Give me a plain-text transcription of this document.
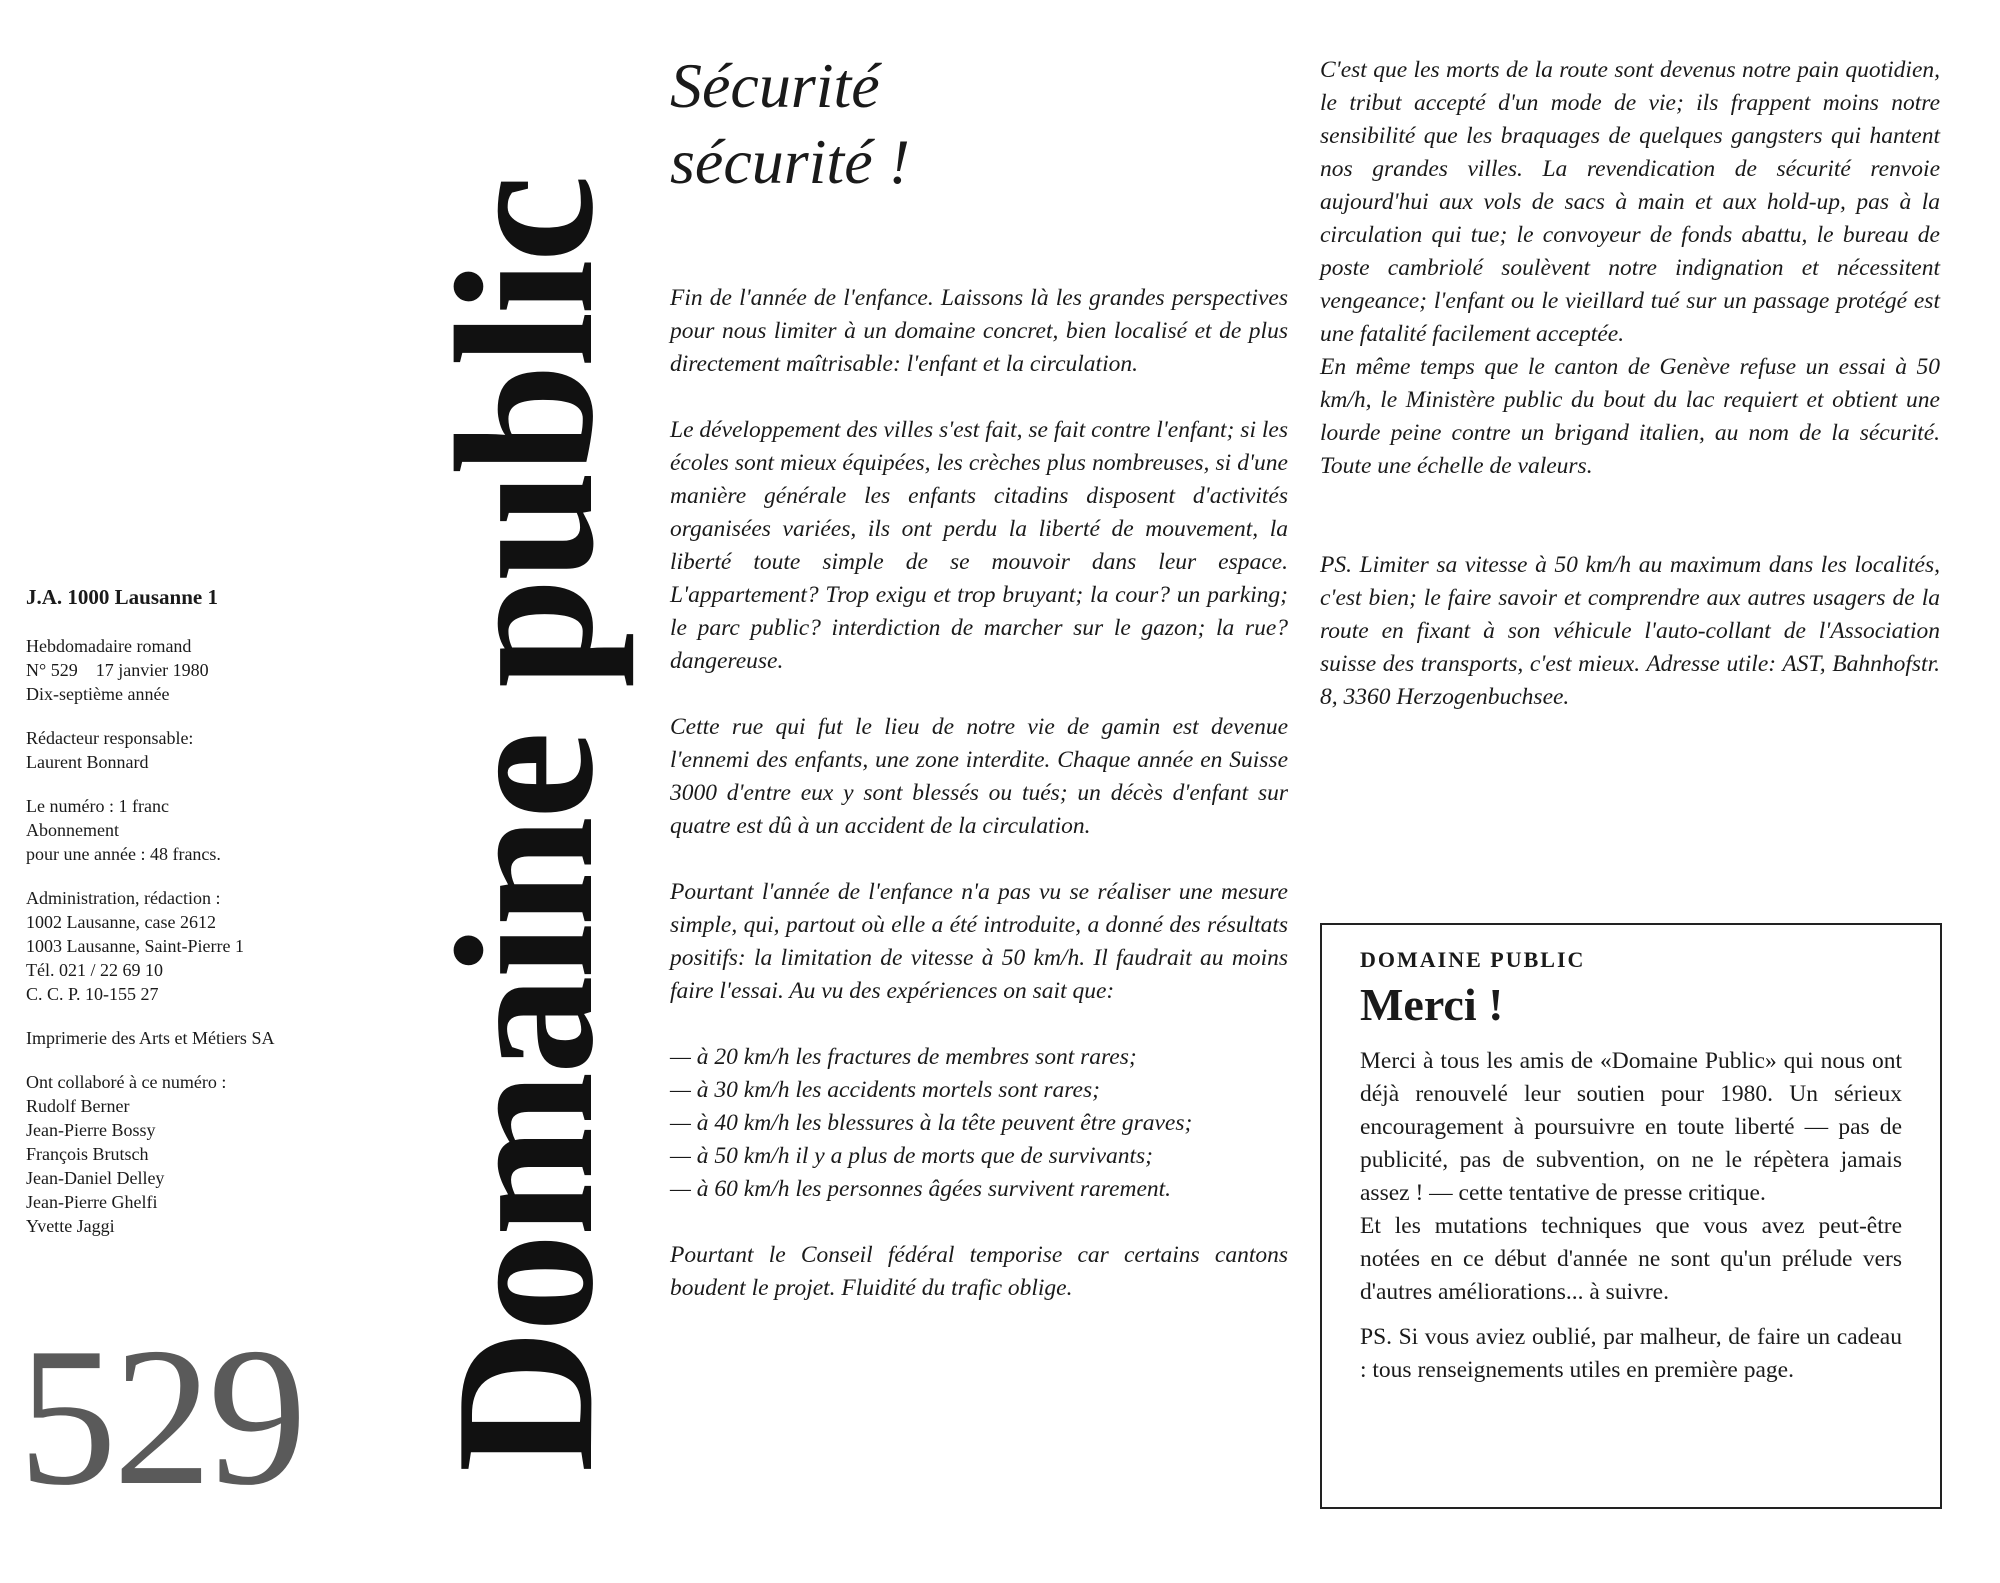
J.A. 1000 Lausanne 1
Hebdomadaire romand
N° 529    17 janvier 1980
Dix-septième année
Rédacteur responsable:
Laurent Bonnard
Le numéro : 1 franc
Abonnement
pour une année : 48 francs.
Administration, rédaction :
1002 Lausanne, case 2612
1003 Lausanne, Saint-Pierre 1
Tél. 021 / 22 69 10
C. C. P. 10-155 27
Imprimerie des Arts et Métiers SA
Ont collaboré à ce numéro :
Rudolf Berner
Jean-Pierre Bossy
François Brutsch
Jean-Daniel Delley
Jean-Pierre Ghelfi
Yvette Jaggi
529 Domaine public
Sécurité
sécurité !

Fin de l'année de l'enfance. Laissons là les grandes perspectives pour nous limiter à un domaine concret, bien localisé et de plus directement maîtrisable: l'enfant et la circulation.

Le développement des villes s'est fait, se fait contre l'enfant; si les écoles sont mieux équipées, les crèches plus nombreuses, si d'une manière générale les enfants citadins disposent d'activités organisées variées, ils ont perdu la liberté de mouvement, la liberté toute simple de se mouvoir dans leur espace. L'appartement? Trop exigu et trop bruyant; la cour? un parking; le parc public? interdiction de marcher sur le gazon; la rue? dangereuse.

Cette rue qui fut le lieu de notre vie de gamin est devenue l'ennemi des enfants, une zone interdite. Chaque année en Suisse 3000 d'entre eux y sont blessés ou tués; un décès d'enfant sur quatre est dû à un accident de la circulation.

Pourtant l'année de l'enfance n'a pas vu se réaliser une mesure simple, qui, partout où elle a été introduite, a donné des résultats positifs: la limitation de vitesse à 50 km/h. Il faudrait au moins faire l'essai. Au vu des expériences on sait que:

— à 20 km/h les fractures de membres sont rares;
— à 30 km/h les accidents mortels sont rares;
— à 40 km/h les blessures à la tête peuvent être graves;
— à 50 km/h il y a plus de morts que de survivants;
— à 60 km/h les personnes âgées survivent rarement.

Pourtant le Conseil fédéral temporise car certains cantons boudent le projet. Fluidité du trafic oblige.

C'est que les morts de la route sont devenus notre pain quotidien, le tribut accepté d'un mode de vie; ils frappent moins notre sensibilité que les braquages de quelques gangsters qui hantent nos grandes villes. La revendication de sécurité renvoie aujourd'hui aux vols de sacs à main et aux hold-up, pas à la circulation qui tue; le convoyeur de fonds abattu, le bureau de poste cambriolé soulèvent notre indignation et nécessitent vengeance; l'enfant ou le vieillard tué sur un passage protégé est une fatalité facilement acceptée.

En même temps que le canton de Genève refuse un essai à 50 km/h, le Ministère public du bout du lac requiert et obtient une lourde peine contre un brigand italien, au nom de la sécurité. Toute une échelle de valeurs.

PS. Limiter sa vitesse à 50 km/h au maximum dans les localités, c'est bien; le faire savoir et comprendre aux autres usagers de la route en fixant à son véhicule l'auto-collant de l'Association suisse des transports, c'est mieux. Adresse utile: AST, Bahnhofstr. 8, 3360 Herzogenbuchsee.

DOMAINE PUBLIC
Merci !

Merci à tous les amis de «Domaine Public» qui nous ont déjà renouvelé leur soutien pour 1980. Un sérieux encouragement à poursuivre en toute liberté — pas de publicité, pas de subvention, on ne le répètera jamais assez ! — cette tentative de presse critique.

Et les mutations techniques que vous avez peut-être notées en ce début d'année ne sont qu'un prélude vers d'autres améliorations... à suivre.

PS. Si vous aviez oublié, par malheur, de faire un cadeau : tous renseignements utiles en première page.
